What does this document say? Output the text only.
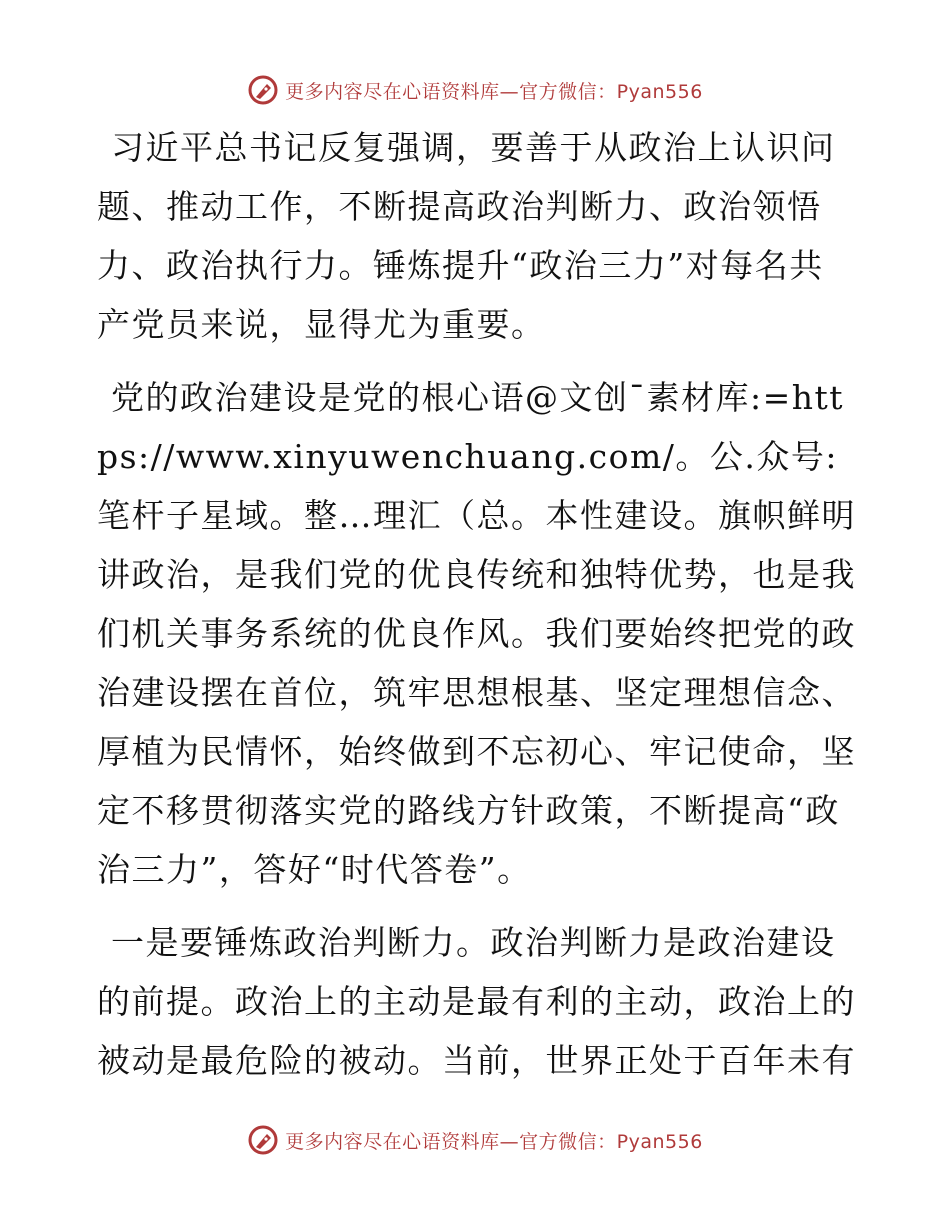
更多内容尽在心语资料库—官方微信：Pyan556

习近平总书记反复强调，要善于从政治上认识问题、推动工作，不断提高政治判断力、政治领悟力、政治执行力。锤炼提升“政治三力”对每名共产党员来说，显得尤为重要。

党的政治建设是党的根心语@文创¯素材库:=https://www.xinyuwenchuang.com/。公.众号:笔杆子星域。整…理汇（总。本性建设。旗帜鲜明讲政治，是我们党的优良传统和独特优势，也是我们机关事务系统的优良作风。我们要始终把党的政治建设摆在首位，筑牢思想根基、坚定理想信念、厚植为民情怀，始终做到不忘初心、牢记使命，坚定不移贯彻落实党的路线方针政策，不断提高“政治三力”，答好“时代答卷”。

一是要锤炼政治判断力。政治判断力是政治建设的前提。政治上的主动是最有利的主动，政治上的被动是最危险的被动。当前，世界正处于百年未有

更多内容尽在心语资料库—官方微信：Pyan556
